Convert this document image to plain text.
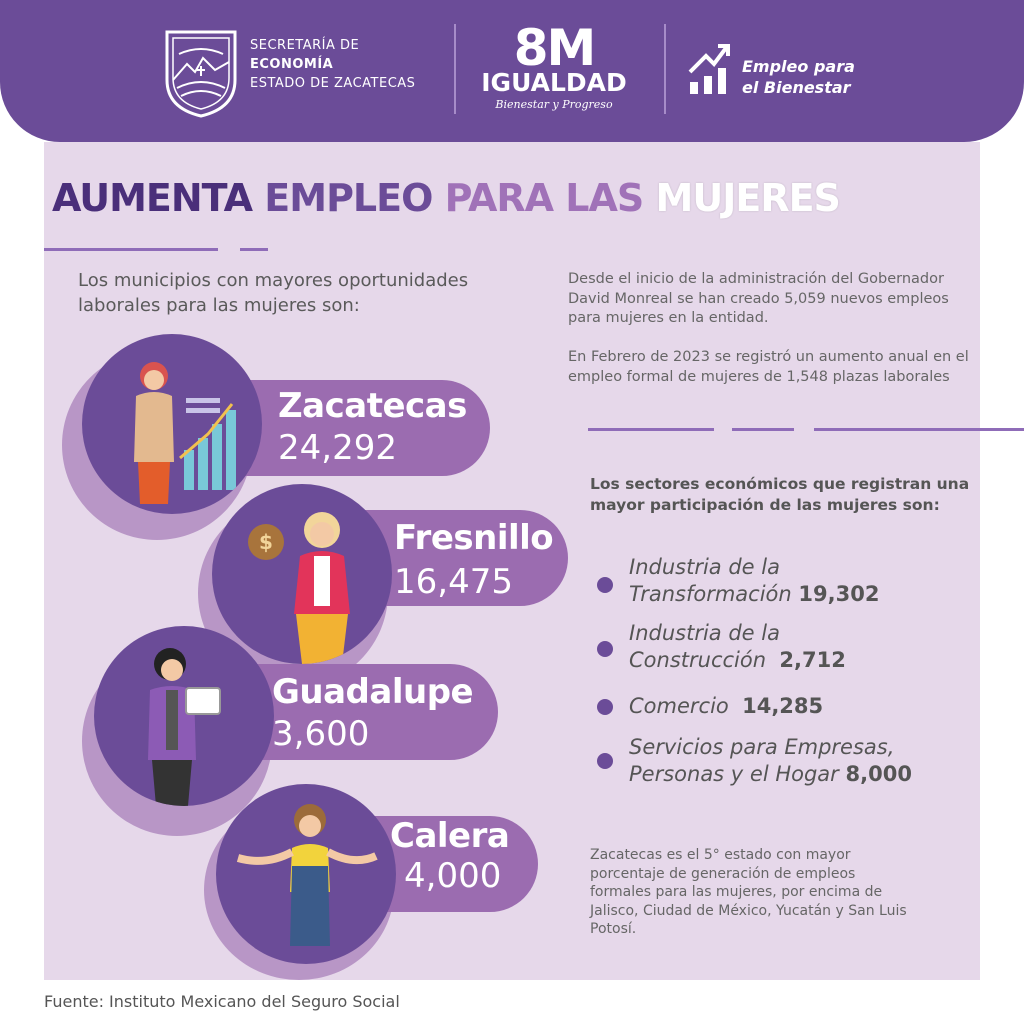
SECRETARÍA DE
ECONOMÍA
ESTADO DE ZACATECAS
8M
IGUALDAD
Bienestar y Progreso
Empleo para
el Bienestar
AUMENTA EMPLEO PARA LAS MUJERES
Los municipios con mayores oportunidades laborales para las mujeres son:
Desde el inicio de la administración del Gobernador David Monreal se han creado 5,059 nuevos empleos para mujeres en la entidad.
En Febrero de 2023 se registró un aumento anual en el empleo formal de mujeres de 1,548 plazas laborales
Zacatecas
24,292
$	Fresnillo
16,475
Guadalupe
3,600
Calera
4,000
Los sectores económicos que registran una mayor participación de las mujeres son:
Industria de la
Transformación 19,302
Industria de la
Construcción 2,712
Comercio 14,285
Servicios para Empresas,
Personas y el Hogar 8,000
Zacatecas es el 5° estado con mayor porcentaje de generación de empleos formales para las mujeres, por encima de Jalisco, Ciudad de México, Yucatán y San Luis Potosí.
Fuente: Instituto Mexicano del Seguro Social
